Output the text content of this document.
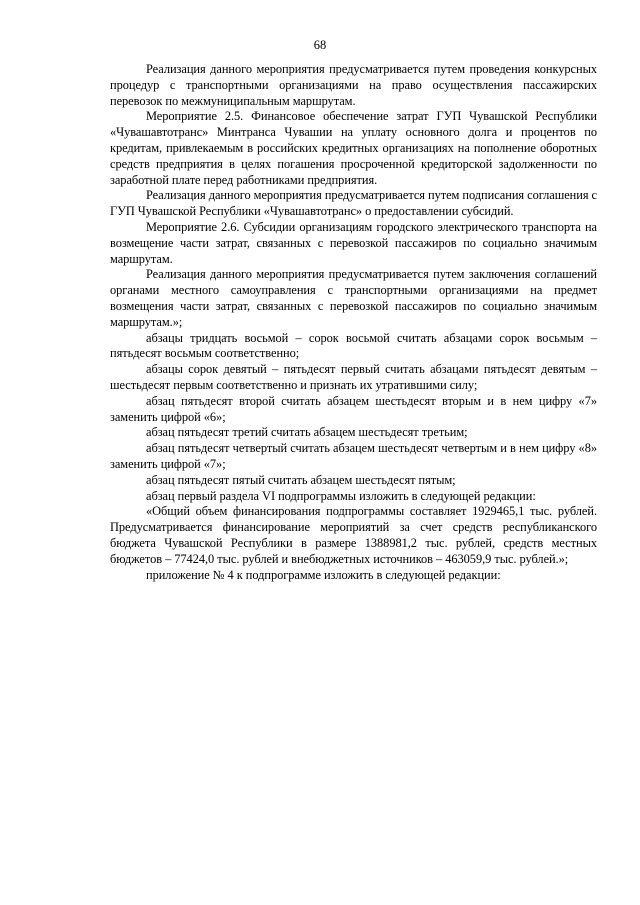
68

Реализация данного мероприятия предусматривается путем проведения конкурсных процедур с транспортными организациями на право осуществления пассажирских перевозок по межмуниципальным маршрутам.

Мероприятие 2.5. Финансовое обеспечение затрат ГУП Чувашской Республики «Чувашавтотранс» Минтранса Чувашии на уплату основного долга и процентов по кредитам, привлекаемым в российских кредитных организациях на пополнение оборотных средств предприятия в целях погашения просроченной кредиторской задолженности по заработной плате перед работниками предприятия.

Реализация данного мероприятия предусматривается путем подписания соглашения с ГУП Чувашской Республики «Чувашавтотранс» о предоставлении субсидий.

Мероприятие 2.6. Субсидии организациям городского электрического транспорта на возмещение части затрат, связанных с перевозкой пассажиров по социально значимым маршрутам.

Реализация данного мероприятия предусматривается путем заключения соглашений органами местного самоуправления с транспортными организациями на предмет возмещения части затрат, связанных с перевозкой пассажиров по социально значимым маршрутам.»;

абзацы тридцать восьмой – сорок восьмой считать абзацами сорок восьмым – пятьдесят восьмым соответственно;

абзацы сорок девятый – пятьдесят первый считать абзацами пятьдесят девятым – шестьдесят первым соответственно и признать их утратившими силу;

абзац пятьдесят второй считать абзацем шестьдесят вторым и в нем цифру «7» заменить цифрой «6»;

абзац пятьдесят третий считать абзацем шестьдесят третьим;

абзац пятьдесят четвертый считать абзацем шестьдесят четвертым и в нем цифру «8» заменить цифрой «7»;

абзац пятьдесят пятый считать абзацем шестьдесят пятым;

абзац первый раздела VI подпрограммы изложить в следующей редакции:

«Общий объем финансирования подпрограммы составляет 1929465,1 тыс. рублей. Предусматривается финансирование мероприятий за счет средств республиканского бюджета Чувашской Республики в размере 1388981,2 тыс. рублей, средств местных бюджетов – 77424,0 тыс. рублей и внебюджетных источников – 463059,9 тыс. рублей.»;

приложение № 4 к подпрограмме изложить в следующей редакции:
